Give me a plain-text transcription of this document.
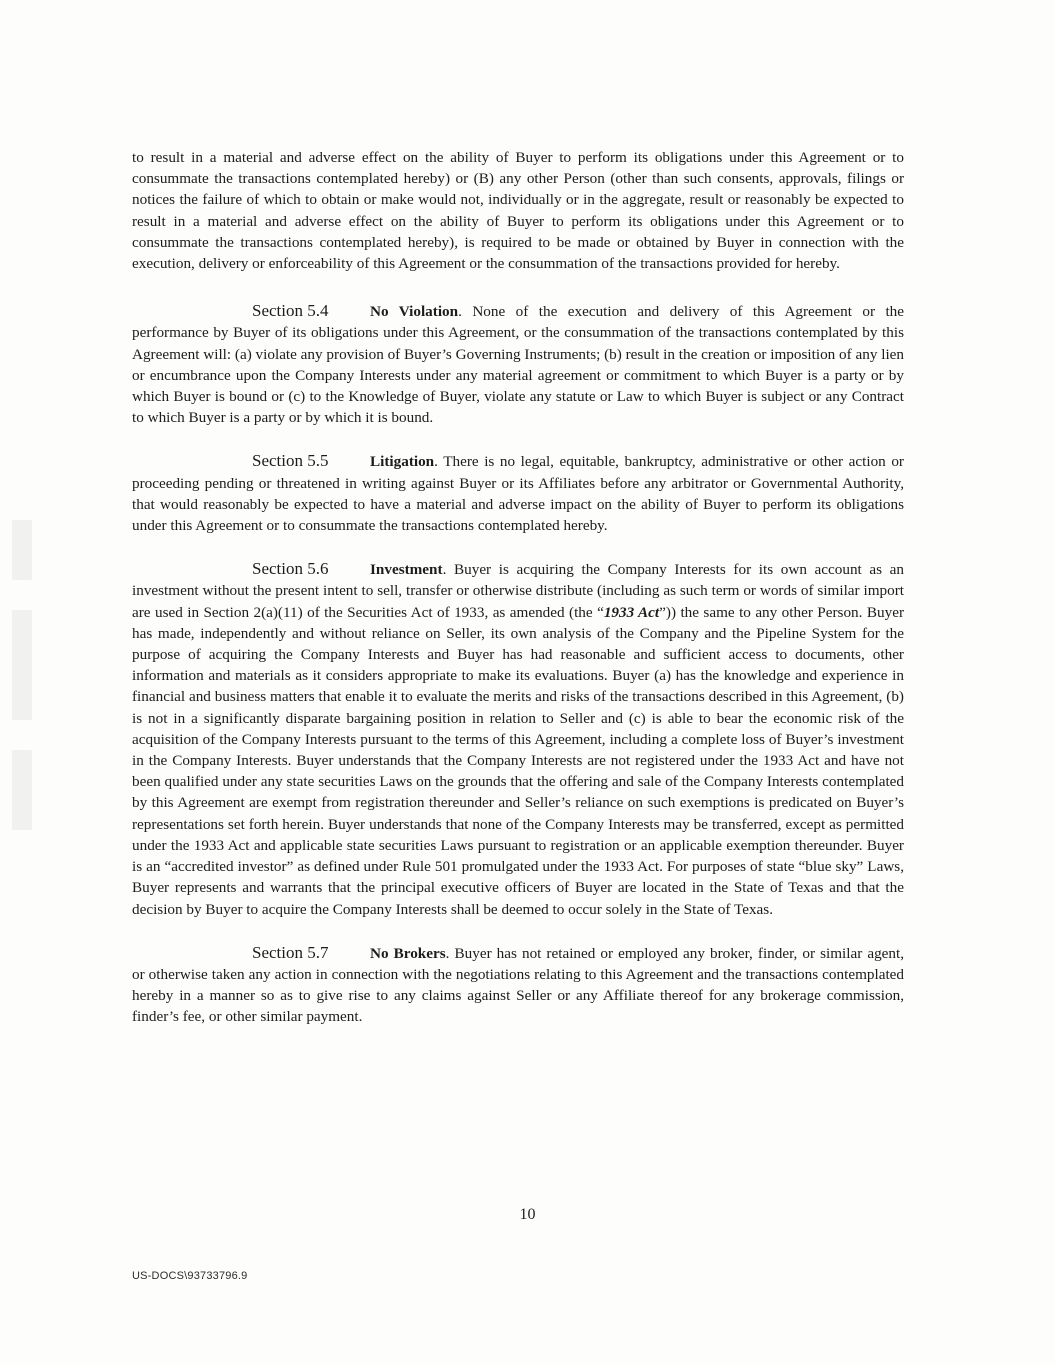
to result in a material and adverse effect on the ability of Buyer to perform its obligations under this Agreement or to consummate the transactions contemplated hereby) or (B) any other Person (other than such consents, approvals, filings or notices the failure of which to obtain or make would not, individually or in the aggregate, result or reasonably be expected to result in a material and adverse effect on the ability of Buyer to perform its obligations under this Agreement or to consummate the transactions contemplated hereby), is required to be made or obtained by Buyer in connection with the execution, delivery or enforceability of this Agreement or the consummation of the transactions provided for hereby.

Section 5.4	No Violation. None of the execution and delivery of this Agreement or the performance by Buyer of its obligations under this Agreement, or the consummation of the transactions contemplated by this Agreement will: (a) violate any provision of Buyer’s Governing Instruments; (b) result in the creation or imposition of any lien or encumbrance upon the Company Interests under any material agreement or commitment to which Buyer is a party or by which Buyer is bound or (c) to the Knowledge of Buyer, violate any statute or Law to which Buyer is subject or any Contract to which Buyer is a party or by which it is bound.

Section 5.5	Litigation. There is no legal, equitable, bankruptcy, administrative or other action or proceeding pending or threatened in writing against Buyer or its Affiliates before any arbitrator or Governmental Authority, that would reasonably be expected to have a material and adverse impact on the ability of Buyer to perform its obligations under this Agreement or to consummate the transactions contemplated hereby.

Section 5.6	Investment. Buyer is acquiring the Company Interests for its own account as an investment without the present intent to sell, transfer or otherwise distribute (including as such term or words of similar import are used in Section 2(a)(11) of the Securities Act of 1933, as amended (the “1933 Act”)) the same to any other Person. Buyer has made, independently and without reliance on Seller, its own analysis of the Company and the Pipeline System for the purpose of acquiring the Company Interests and Buyer has had reasonable and sufficient access to documents, other information and materials as it considers appropriate to make its evaluations. Buyer (a) has the knowledge and experience in financial and business matters that enable it to evaluate the merits and risks of the transactions described in this Agreement, (b) is not in a significantly disparate bargaining position in relation to Seller and (c) is able to bear the economic risk of the acquisition of the Company Interests pursuant to the terms of this Agreement, including a complete loss of Buyer’s investment in the Company Interests. Buyer understands that the Company Interests are not registered under the 1933 Act and have not been qualified under any state securities Laws on the grounds that the offering and sale of the Company Interests contemplated by this Agreement are exempt from registration thereunder and Seller’s reliance on such exemptions is predicated on Buyer’s representations set forth herein. Buyer understands that none of the Company Interests may be transferred, except as permitted under the 1933 Act and applicable state securities Laws pursuant to registration or an applicable exemption thereunder. Buyer is an “accredited investor” as defined under Rule 501 promulgated under the 1933 Act. For purposes of state “blue sky” Laws, Buyer represents and warrants that the principal executive officers of Buyer are located in the State of Texas and that the decision by Buyer to acquire the Company Interests shall be deemed to occur solely in the State of Texas.

Section 5.7	No Brokers. Buyer has not retained or employed any broker, finder, or similar agent, or otherwise taken any action in connection with the negotiations relating to this Agreement and the transactions contemplated hereby in a manner so as to give rise to any claims against Seller or any Affiliate thereof for any brokerage commission, finder’s fee, or other similar payment.

10
US-DOCS\93733796.9
